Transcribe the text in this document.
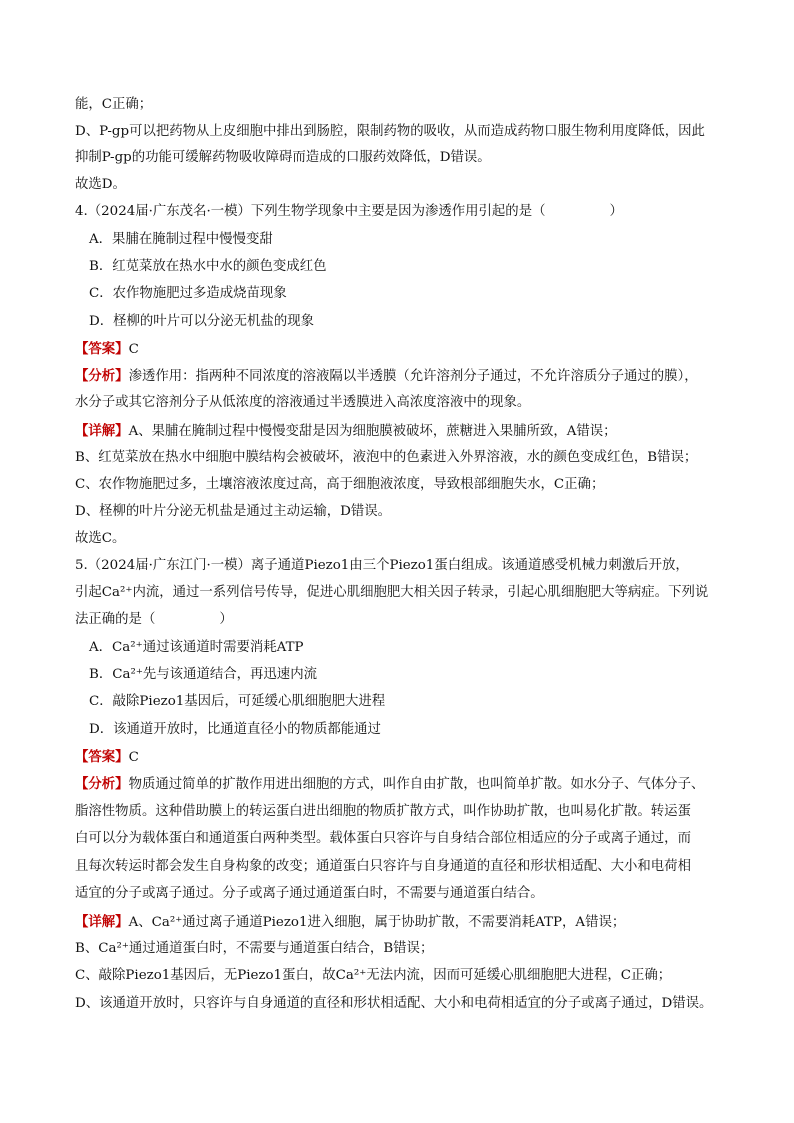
能，C正确；
D、P-gp可以把药物从上皮细胞中排出到肠腔，限制药物的吸收，从而造成药物口服生物利用度降低，因此
抑制P-gp的功能可缓解药物吸收障碍而造成的口服药效降低，D错误。
故选D。
4.（2024届·广东茂名·一模）下列生物学现象中主要是因为渗透作用引起的是（	）
A．果脯在腌制过程中慢慢变甜
B．红苋菜放在热水中水的颜色变成红色
C．农作物施肥过多造成烧苗现象
D．柽柳的叶片可以分泌无机盐的现象
【答案】C
【分析】渗透作用：指两种不同浓度的溶液隔以半透膜（允许溶剂分子通过，不允许溶质分子通过的膜），
水分子或其它溶剂分子从低浓度的溶液通过半透膜进入高浓度溶液中的现象。
【详解】A、果脯在腌制过程中慢慢变甜是因为细胞膜被破坏，蔗糖进入果脯所致，A错误；
B、红苋菜放在热水中细胞中膜结构会被破坏，液泡中的色素进入外界溶液，水的颜色变成红色，B错误；
C、农作物施肥过多，土壤溶液浓度过高，高于细胞液浓度，导致根部细胞失水，C正确；
D、柽柳的叶片分泌无机盐是通过主动运输，D错误。
故选C。
5.（2024届·广东江门·一模）离子通道Piezo1由三个Piezo1蛋白组成。该通道感受机械力刺激后开放，
引起Ca²⁺内流，通过一系列信号传导，促进心肌细胞肥大相关因子转录，引起心肌细胞肥大等病症。下列说
法正确的是（	）
A．Ca²⁺通过该通道时需要消耗ATP
B．Ca²⁺先与该通道结合，再迅速内流
C．敲除Piezo1基因后，可延缓心肌细胞肥大进程
D．该通道开放时，比通道直径小的物质都能通过
【答案】C
【分析】物质通过简单的扩散作用进出细胞的方式，叫作自由扩散，也叫简单扩散。如水分子、气体分子、
脂溶性物质。这种借助膜上的转运蛋白进出细胞的物质扩散方式，叫作协助扩散，也叫易化扩散。转运蛋
白可以分为载体蛋白和通道蛋白两种类型。载体蛋白只容许与自身结合部位相适应的分子或离子通过，而
且每次转运时都会发生自身构象的改变；通道蛋白只容许与自身通道的直径和形状相适配、大小和电荷相
适宜的分子或离子通过。分子或离子通过通道蛋白时，不需要与通道蛋白结合。
【详解】A、Ca²⁺通过离子通道Piezo1进入细胞，属于协助扩散，不需要消耗ATP，A错误；
B、Ca²⁺通过通道蛋白时，不需要与通道蛋白结合，B错误；
C、敲除Piezo1基因后，无Piezo1蛋白，故Ca²⁺无法内流，因而可延缓心肌细胞肥大进程，C正确；
D、该通道开放时，只容许与自身通道的直径和形状相适配、大小和电荷相适宜的分子或离子通过，D错误。
